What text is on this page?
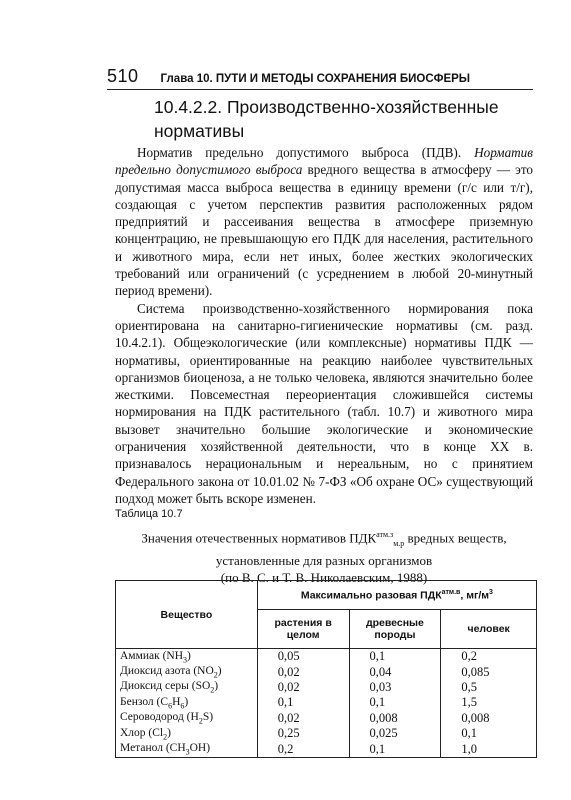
510 Глава 10. ПУТИ И МЕТОДЫ СОХРАНЕНИЯ БИОСФЕРЫ
10.4.2.2. Производственно-хозяйственные нормативы

Норматив предельно допустимого выброса (ПДВ). Норматив предельно допустимого выброса вредного вещества в атмосферу — это допустимая масса выброса вещества в единицу времени (г/с или т/г), создающая с учетом перспектив развития расположенных рядом предприятий и рассеивания вещества в атмосфере приземную концентрацию, не превышающую его ПДК для населения, растительного и животного мира, если нет иных, более жестких экологических требований или ограничений (с усреднением в любой 20-минутный период времени).

Система производственно-хозяйственного нормирования пока ориентирована на санитарно-гигиенические нормативы (см. разд. 10.4.2.1). Общеэкологические (или комплексные) нормативы ПДК — нормативы, ориентированные на реакцию наиболее чувствительных организмов биоценоза, а не только человека, являются значительно более жесткими. Повсеместная переориентация сложившейся системы нормирования на ПДК растительного (табл. 10.7) и животного мира вызовет значительно большие экологические и экономические ограничения хозяйственной деятельности, что в конце XX в. признавалось нерациональным и нереальным, но с принятием Федерального закона от 10.01.02 № 7-ФЗ «Об охране ОС» существующий подход может быть вскоре изменен.

Таблица 10.7
Значения отечественных нормативов $ПДК^{атм.з}_{м.р}$ вредных веществ, установленные для разных организмов
(по В. С. и Т. В. Николаевским, 1988)
Вещество	Максимально разовая $ПДК^{атм.в}$, $мг/м^3$
	растения в целом	древесные породы	человек
Аммиак $(NH_3)$	0,05	0,1	0,2
Диоксид азота $(NO_2)$	0,02	0,04	0,085
Диоксид серы $(SO_2)$	0,02	0,03	0,5
Бензол $(C_6H_6)$	0,1	0,1	1,5
Сероводород $(H_2S)$	0,02	0,008	0,008
Хлор $(Cl_2)$	0,25	0,025	0,1
Метанол $(CH_3OH)$	0,2	0,1	1,0
